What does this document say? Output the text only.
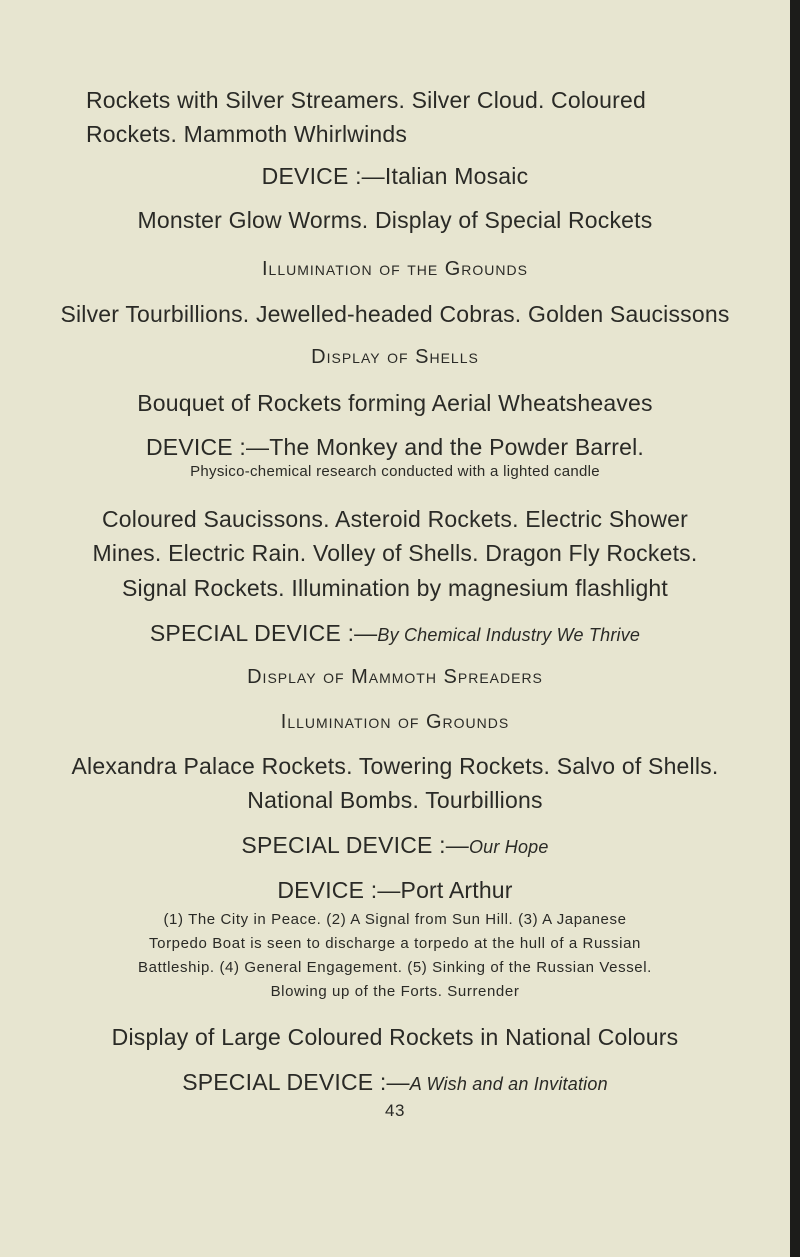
Rockets with Silver Streamers. Silver Cloud. Coloured

Rockets. Mammoth Whirlwinds

DEVICE :—Italian Mosaic

Monster Glow Worms. Display of Special Rockets

Illumination of the Grounds

Silver Tourbillions. Jewelled-headed Cobras. Golden Saucissons

Display of Shells

Bouquet of Rockets forming Aerial Wheatsheaves

DEVICE :—The Monkey and the Powder Barrel.

Physico-chemical research conducted with a lighted candle

Coloured Saucissons. Asteroid Rockets. Electric Shower

Mines. Electric Rain. Volley of Shells. Dragon Fly Rockets.

Signal Rockets. Illumination by magnesium flashlight

SPECIAL DEVICE :—By Chemical Industry We Thrive

Display of Mammoth Spreaders

Illumination of Grounds

Alexandra Palace Rockets. Towering Rockets. Salvo of Shells.

National Bombs. Tourbillions

SPECIAL DEVICE :—Our Hope

DEVICE :—Port Arthur

(1) The City in Peace. (2) A Signal from Sun Hill. (3) A Japanese

Torpedo Boat is seen to discharge a torpedo at the hull of a Russian

Battleship. (4) General Engagement. (5) Sinking of the Russian Vessel.

Blowing up of the Forts. Surrender

Display of Large Coloured Rockets in National Colours

SPECIAL DEVICE :—A Wish and an Invitation

43
